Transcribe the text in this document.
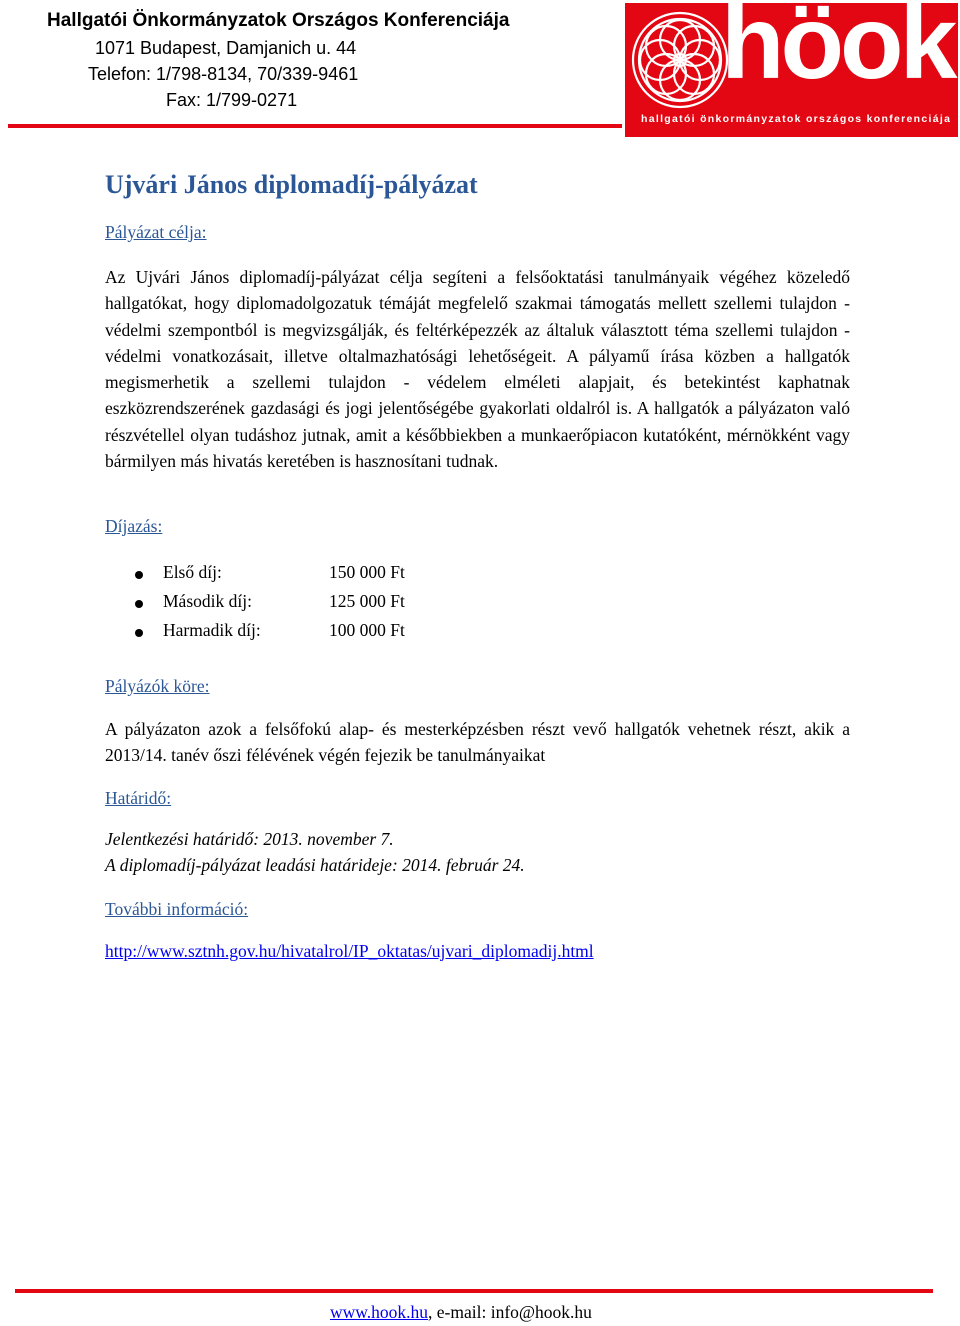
Hallgatói Önkormányzatok Országos Konferenciája
1071 Budapest, Damjanich u. 44
Telefon: 1/798-8134, 70/339-9461
Fax: 1/799-0271	höok
hallgatói önkormányzatok országos konferenciája
Ujvári János diplomadíj-pályázat
Pályázat célja:

Az Ujvári János diplomadíj-pályázat célja segíteni a felsőoktatási tanulmányaik végéhez közeledő hallgatókat, hogy diplomadolgozatuk témáját megfelelő szakmai támogatás mellett szellemi tulajdon - védelmi szempontból is megvizsgálják, és feltérképezzék az általuk választott téma szellemi tulajdon - védelmi vonatkozásait, illetve oltalmazhatósági lehetőségeit. A pályamű írása közben a hallgatók megismerhetik a szellemi tulajdon - védelem elméleti alapjait, és betekintést kaphatnak eszközrendszerének gazdasági és jogi jelentőségébe gyakorlati oldalról is. A hallgatók a pályázaton való részvétellel olyan tudáshoz jutnak, amit a későbbiekben a munkaerőpiacon kutatóként, mérnökként vagy bármilyen más hivatás keretében is hasznosítani tudnak.

Díjazás:
Első díj:	150 000 Ft
Második díj:	125 000 Ft
Harmadik díj:	100 000 Ft
Pályázók köre:

A pályázaton azok a felsőfokú alap- és mesterképzésben részt vevő hallgatók vehetnek részt, akik a 2013/14. tanév őszi félévének végén fejezik be tanulmányaikat

Határidő:
Jelentkezési határidő: 2013. november 7.
A diplomadíj-pályázat leadási határideje: 2014. február 24.
További információ:
http://www.sztnh.gov.hu/hivatalrol/IP_oktatas/ujvari_diplomadij.html
www.hook.hu, e-mail: info@hook.hu
